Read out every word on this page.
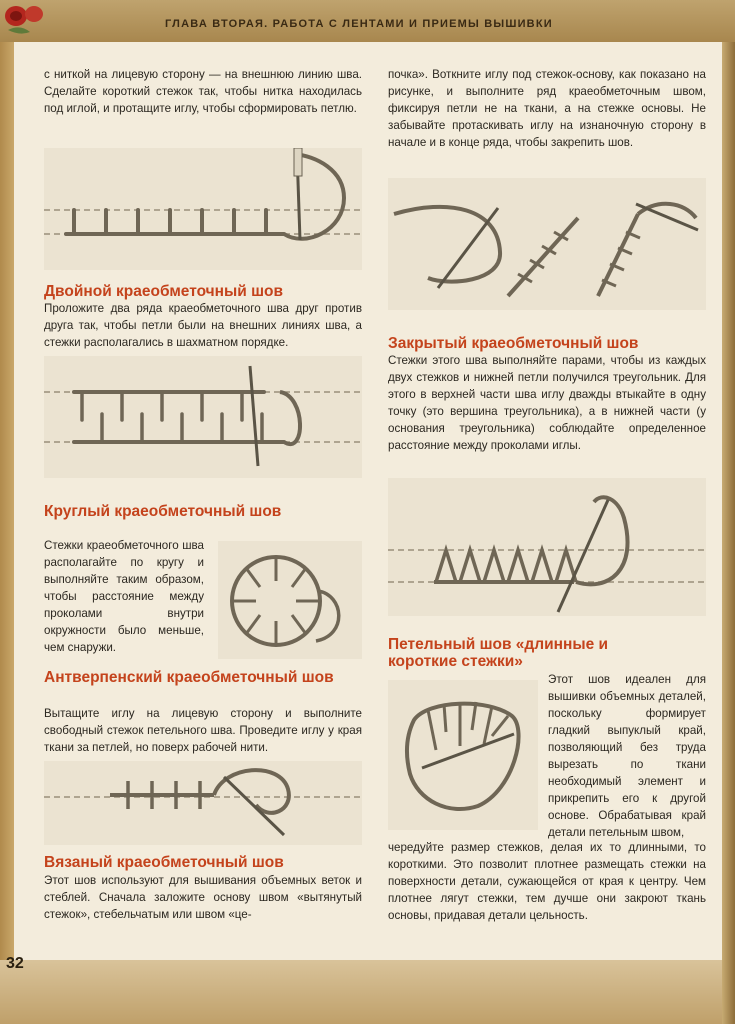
ГЛАВА ВТОРАЯ. РАБОТА С ЛЕНТАМИ И ПРИЕМЫ ВЫШИВКИ
32
с ниткой на лицевую сторону — на внешнюю линию шва. Сделайте короткий стежок так, чтобы нитка находилась под иглой, и протащите иглу, чтобы сформировать петлю.
Двойной краеобметочный шов
Проложите два ряда краеобметочного шва друг против друга так, чтобы петли были на внешних линиях шва, а стежки располагались в шахматном порядке.
Круглый краеобметочный шов
Стежки краеобметочного шва располагайте по кругу и выполняйте таким образом, чтобы расстояние между проколами внутри окружности было меньше, чем снаружи.
Антверпенский краеобметочный шов
Вытащите иглу на лицевую сторону и выполните свободный стежок петельного шва. Проведите иглу у края ткани за петлей, но поверх рабочей нити.
Вязаный краеобметочный шов
Этот шов используют для вышивания объемных веток и стеблей. Сначала заложите основу швом «вытянутый стежок», стебельчатым или швом «це-
почка». Воткните иглу под стежок-основу, как показано на рисунке, и выполните ряд краеобметочным швом, фиксируя петли не на ткани, а на стежке основы. Не забывайте протаскивать иглу на изнаночную сторону в начале и в конце ряда, чтобы закрепить шов.
Закрытый краеобметочный шов
Стежки этого шва выполняйте парами, чтобы из каждых двух стежков и нижней петли получился треугольник. Для этого в верхней части шва иглу дважды втыкайте в одну точку (это вершина треугольника), а в нижней части (у основания треугольника) соблюдайте определенное расстояние между проколами иглы.
Петельный шов «длинные и короткие стежки»
Этот шов идеален для вышивки объемных деталей, поскольку формирует гладкий выпуклый край, позволяющий без труда вырезать по ткани необходимый элемент и прикрепить его к другой основе. Обрабатывая край детали петельным швом,
чередуйте размер стежков, делая их то длинными, то короткими. Это позволит плотнее размещать стежки на поверхности детали, сужающейся от края к центру. Чем плотнее лягут стежки, тем дучше они закроют ткань основы, придавая детали цельность.
